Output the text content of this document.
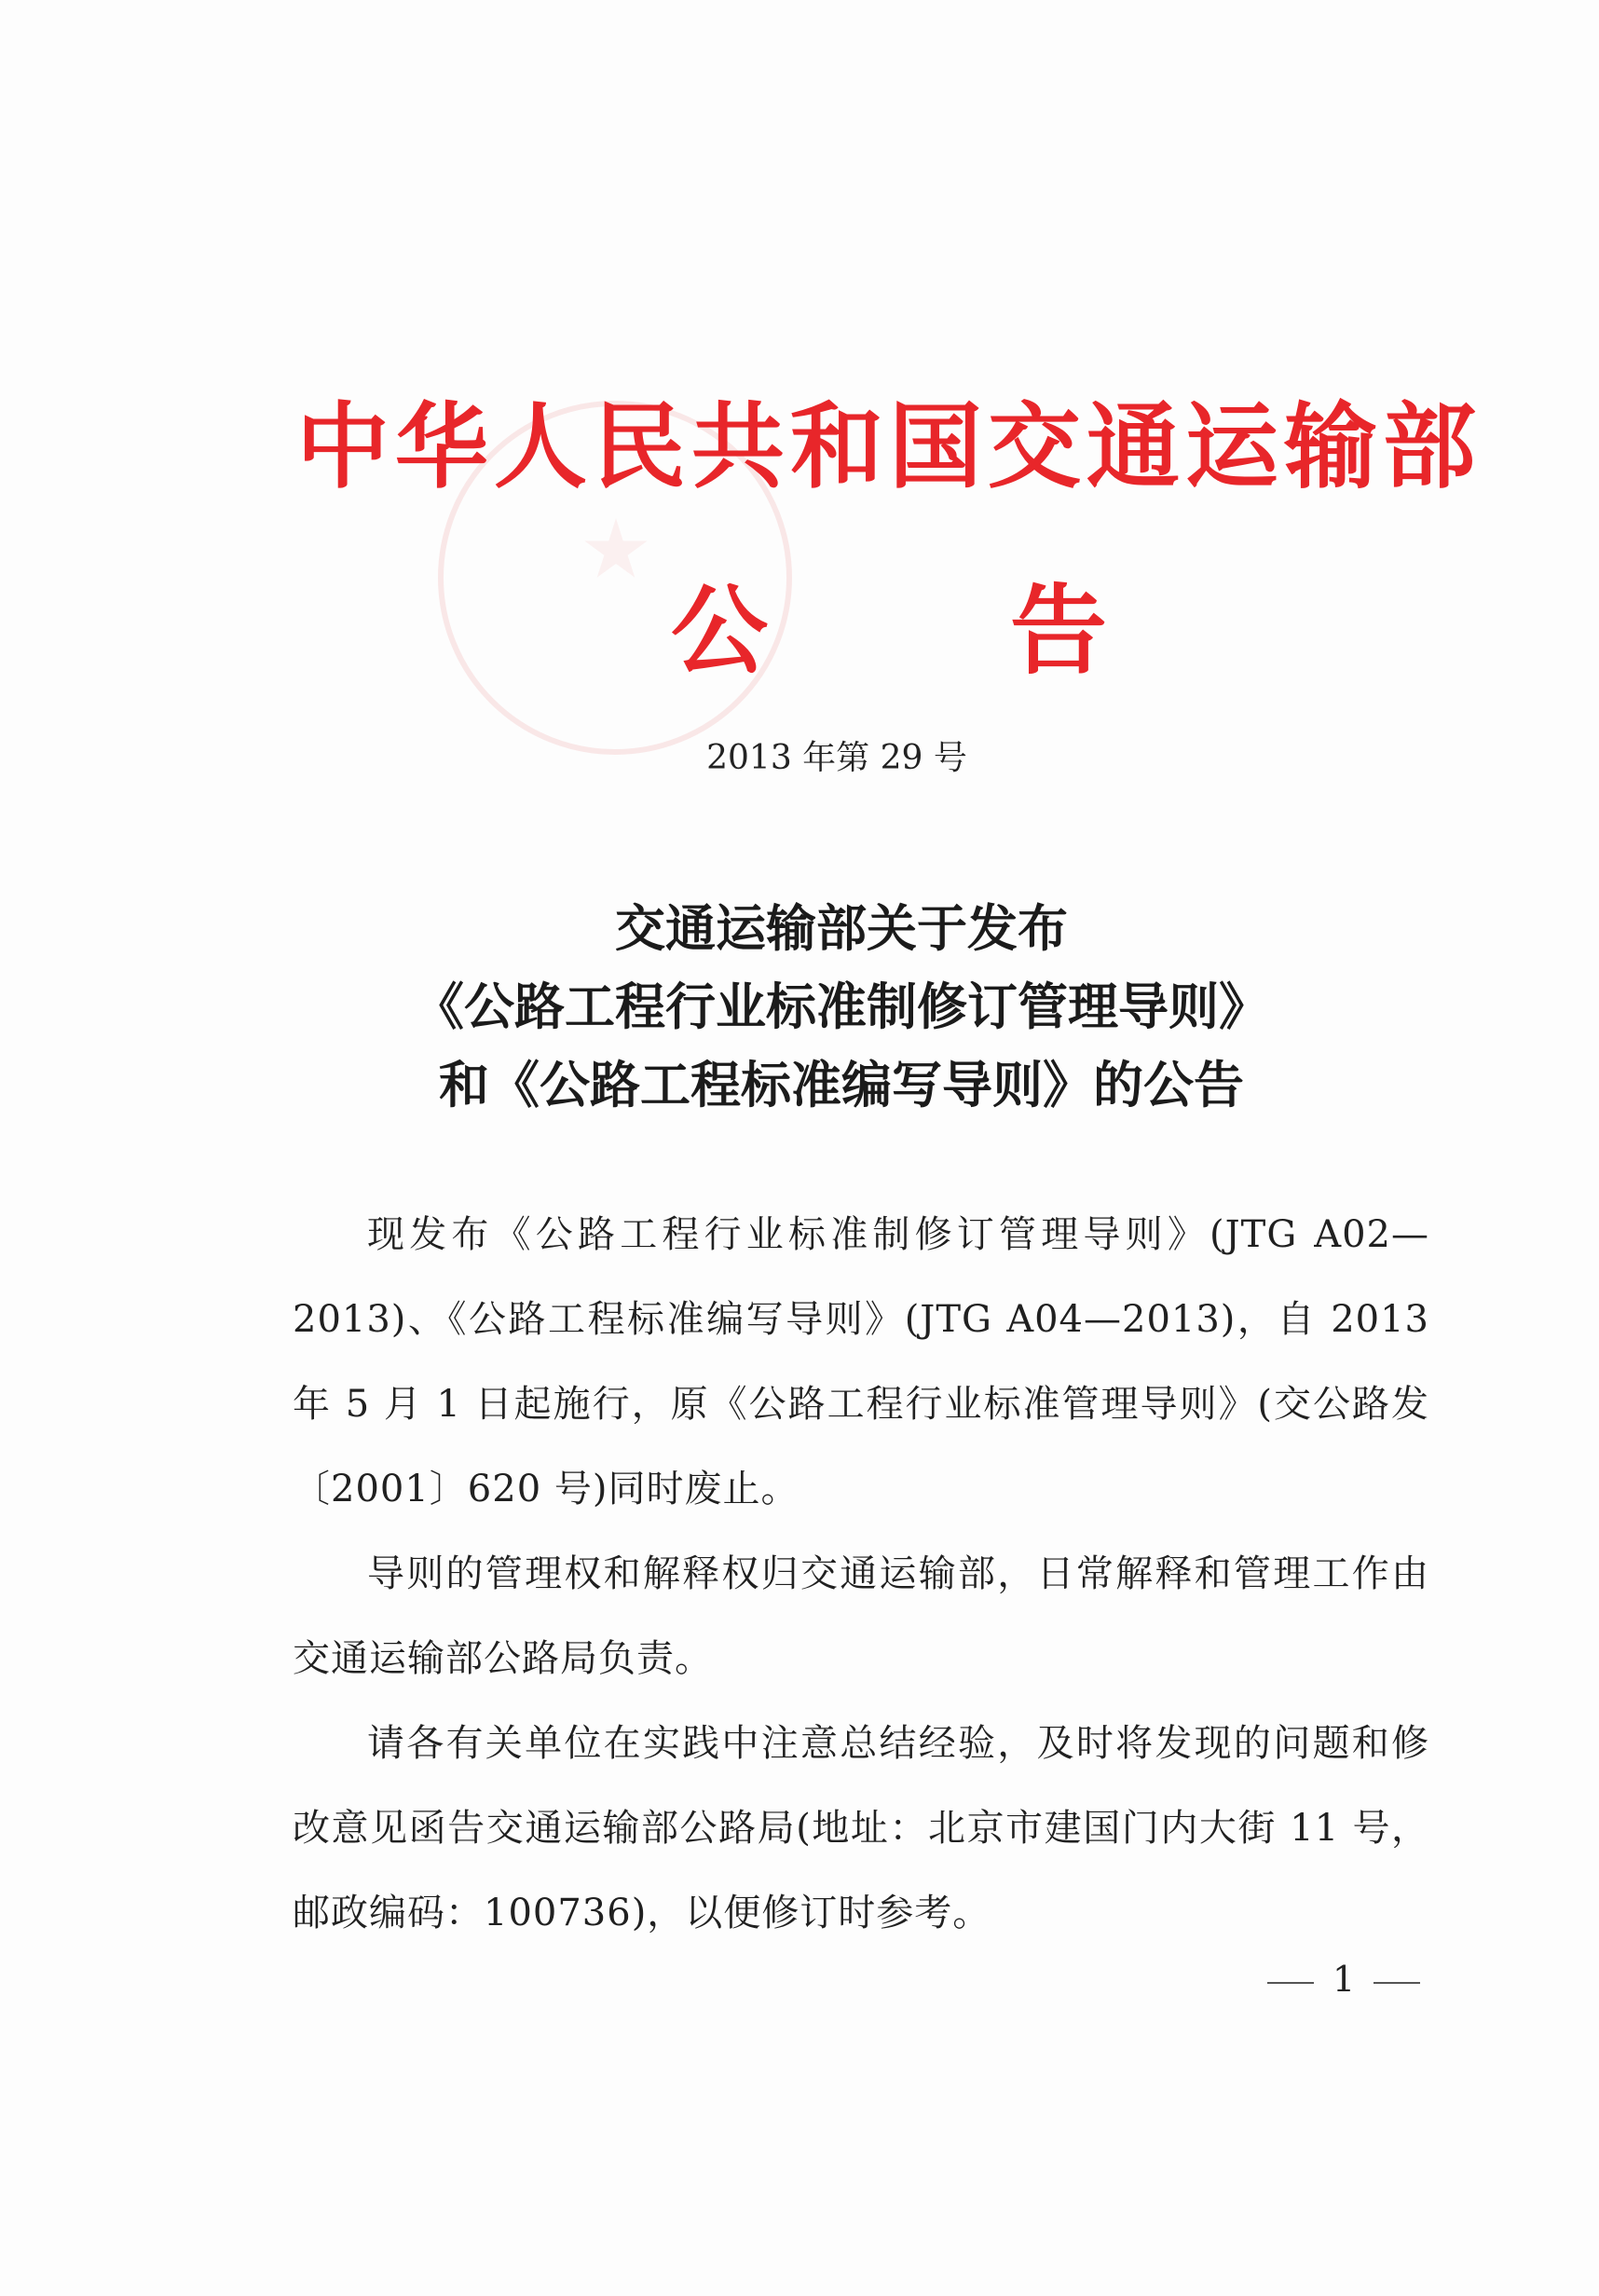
中华人民共和国交通运输部
公	告
2013 年第 29 号
交通运输部关于发布
《公路工程行业标准制修订管理导则》
和《公路工程标准编写导则》的公告

现发布《公路工程行业标准制修订管理导则》(JTG A02—2013)、《公路工程标准编写导则》(JTG A04—2013)，自 2013 年 5 月 1 日起施行，原《公路工程行业标准管理导则》(交公路发〔2001〕620 号)同时废止。

导则的管理权和解释权归交通运输部，日常解释和管理工作由交通运输部公路局负责。

请各有关单位在实践中注意总结经验，及时将发现的问题和修改意见函告交通运输部公路局(地址：北京市建国门内大街 11 号，邮政编码：100736)，以便修订时参考。

1
